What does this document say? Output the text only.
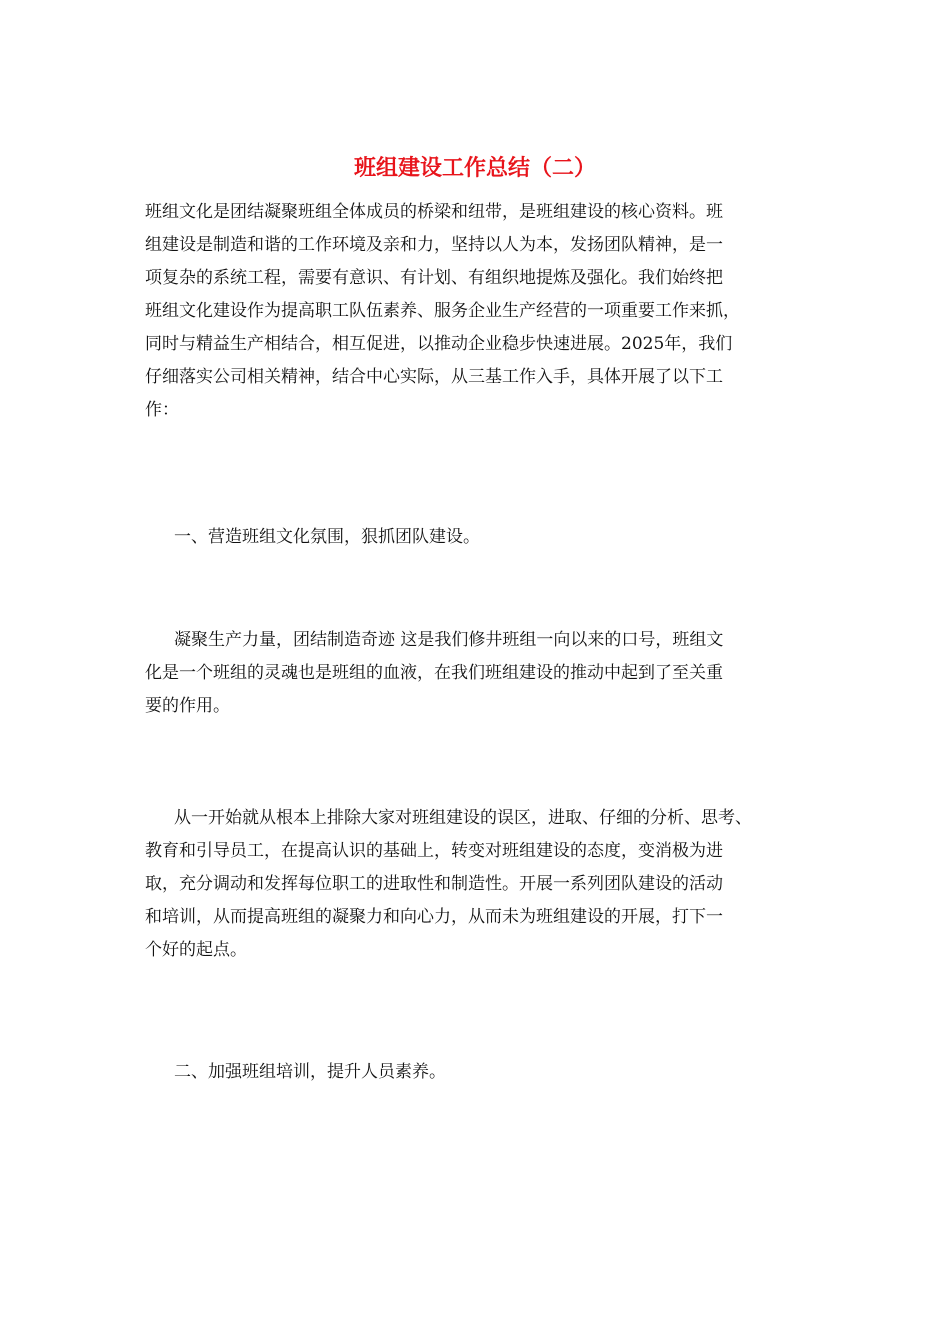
班组建设工作总结（二）
班组文化是团结凝聚班组全体成员的桥梁和纽带，是班组建设的核心资料。班
组建设是制造和谐的工作环境及亲和力，坚持以人为本，发扬团队精神，是一
项复杂的系统工程，需要有意识、有计划、有组织地提炼及强化。我们始终把
班组文化建设作为提高职工队伍素养、服务企业生产经营的一项重要工作来抓，
同时与精益生产相结合，相互促进，以推动企业稳步快速进展。2025年，我们
仔细落实公司相关精神，结合中心实际，从三基工作入手，具体开展了以下工
作：
一、营造班组文化氛围，狠抓团队建设。
凝聚生产力量，团结制造奇迹 这是我们修井班组一向以来的口号，班组文
化是一个班组的灵魂也是班组的血液，在我们班组建设的推动中起到了至关重
要的作用。
从一开始就从根本上排除大家对班组建设的误区，进取、仔细的分析、思考、
教育和引导员工，在提高认识的基础上，转变对班组建设的态度，变消极为进
取，充分调动和发挥每位职工的进取性和制造性。开展一系列团队建设的活动
和培训，从而提高班组的凝聚力和向心力，从而未为班组建设的开展，打下一
个好的起点。
二、加强班组培训，提升人员素养。
